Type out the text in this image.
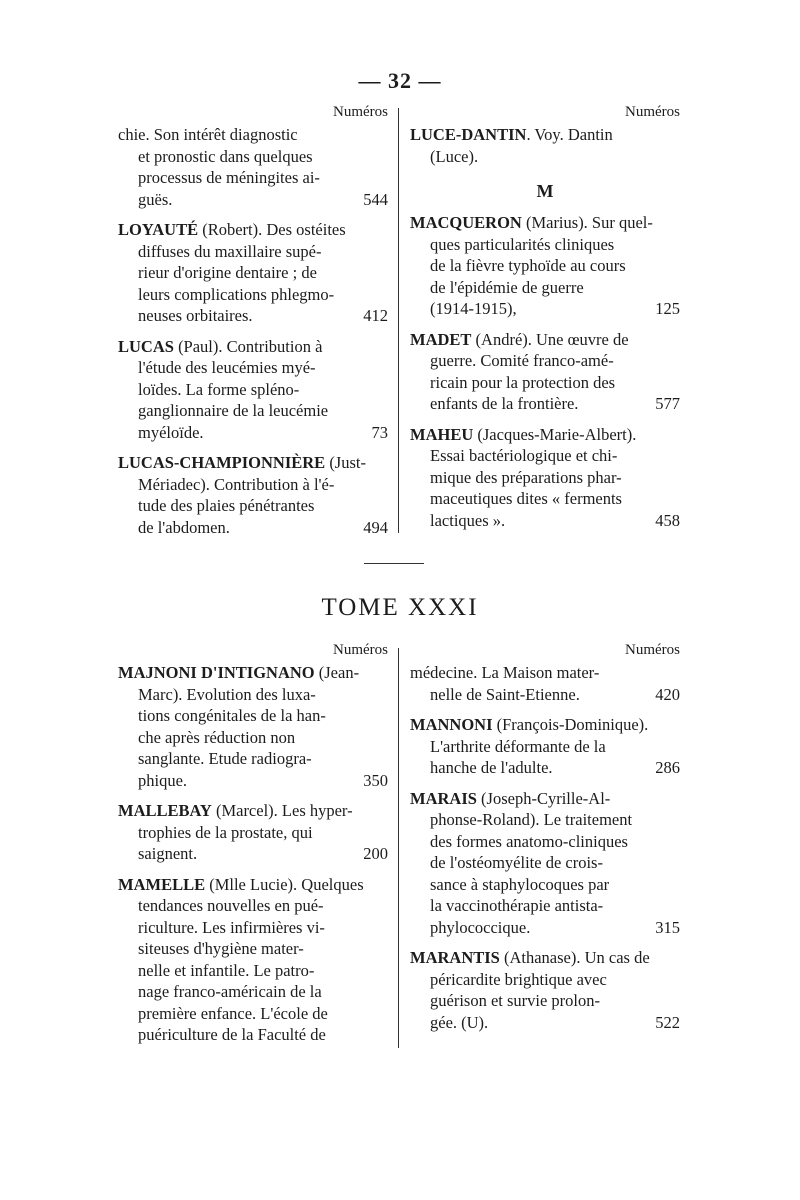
— 32 —
Numéros
chie. Son intérêt diagnostic
et pronostic dans quelques
processus de méningites ai-
guës.	544
LOYAUTÉ (Robert). Des ostéites
diffuses du maxillaire supé-
rieur d'origine dentaire ; de
leurs complications phlegmo-
neuses orbitaires.	412
LUCAS (Paul). Contribution à
l'étude des leucémies myé-
loïdes. La forme spléno-
ganglionnaire de la leucémie
myéloïde.	73
LUCAS-CHAMPIONNIÈRE (Just-
Mériadec). Contribution à l'é-
tude des plaies pénétrantes
de l'abdomen.	494
Numéros
LUCE-DANTIN. Voy. Dantin
(Luce).
M
MACQUERON (Marius). Sur quel-
ques particularités cliniques
de la fièvre typhoïde au cours
de l'épidémie de guerre
(1914-1915),	125
MADET (André). Une œuvre de
guerre. Comité franco-amé-
ricain pour la protection des
enfants de la frontière.	577
MAHEU (Jacques-Marie-Albert).
Essai bactériologique et chi-
mique des préparations phar-
maceutiques dites « ferments
lactiques ».	458
TOME XXXI
Numéros
MAJNONI D'INTIGNANO (Jean-
Marc). Evolution des luxa-
tions congénitales de la han-
che après réduction non
sanglante. Etude radiogra-
phique.	350
MALLEBAY (Marcel). Les hyper-
trophies de la prostate, qui
saignent.	200
MAMELLE (Mlle Lucie). Quelques
tendances nouvelles en pué-
riculture. Les infirmières vi-
siteuses d'hygiène mater-
nelle et infantile. Le patro-
nage franco-américain de la
première enfance. L'école de
puériculture de la Faculté de
Numéros
médecine. La Maison mater-
nelle de Saint-Etienne.	420
MANNONI (François-Dominique).
L'arthrite déformante de la
hanche de l'adulte.	286
MARAIS (Joseph-Cyrille-Al-
phonse-Roland). Le traitement
des formes anatomo-cliniques
de l'ostéomyélite de crois-
sance à staphylocoques par
la vaccinothérapie antista-
phylococcique.	315
MARANTIS (Athanase). Un cas de
péricardite brightique avec
guérison et survie prolon-
gée. (U).	522
